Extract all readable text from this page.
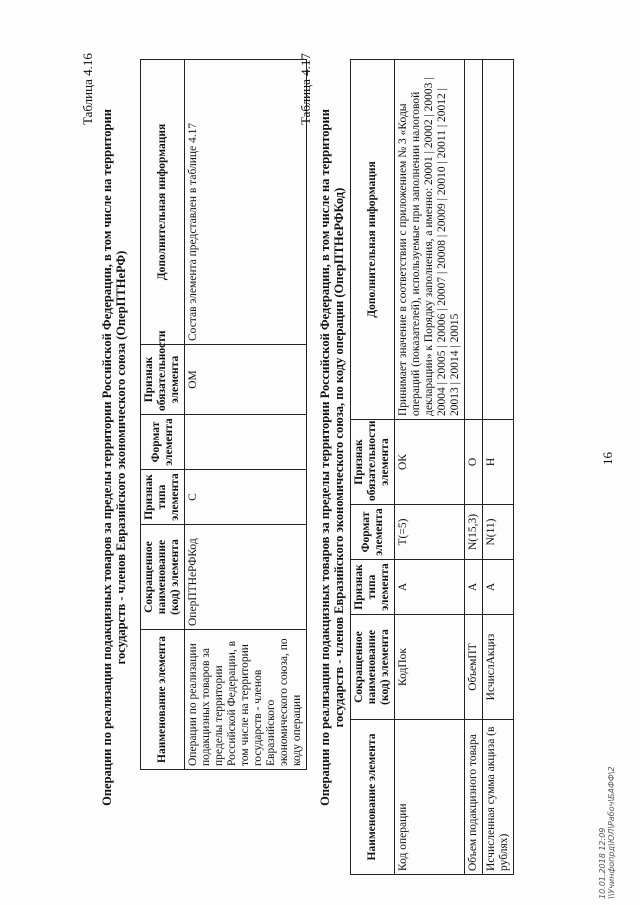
16
Таблица 4.16
Операции по реализации подакцизных товаров за пределы территории Российской Федерации, в том числе на территории государств - членов Евразийского экономического союза (ОперПТНеРФ)
Наименование элемента	Сокращенное наименование (код) элемента	Признак типа элемента	Формат элемента	Признак обязательности элемента	Дополнительная информация
Операции по реализации подакцизных товаров за пределы территории Российской Федерации, в том числе на территории государств - членов Евразийского экономического союза, по коду операции	ОперПТНеРФКод	С		ОМ	Состав элемента представлен в таблице 4.17
Таблица 4.17
Операции по реализации подакцизных товаров за пределы территории Российской Федерации, в том числе на территории государств - членов Евразийского экономического союза, по коду операции (ОперПТНеРФКод)
Наименование элемента	Сокращенное наименование (код) элемента	Признак типа элемента	Формат элемента	Признак обязательности элемента	Дополнительная информация
Код операции	КодПок	А	Т(=5)	ОК	Принимает значение в соответствии с приложением № 3 «Коды операций (показателей), используемые при заполнении налоговой декларации» к Порядку заполнения, а именно: 20001 | 20002 | 20003 | 20004 | 20005 | 20006 | 20007 | 20008 | 20009 | 20010 | 20011 | 20012 | 20013 | 20014 | 20015
Объем подакцизного товара	ОбъемПТ	А	N(15,3)	О	
Исчисленная сумма акциза (в рублях)	ИсчислАкциз	А	N(11)	Н	
10.01.2018 12:09 \\Учинфопрд\ЮЛ\Рабоч\БАФФ\2
